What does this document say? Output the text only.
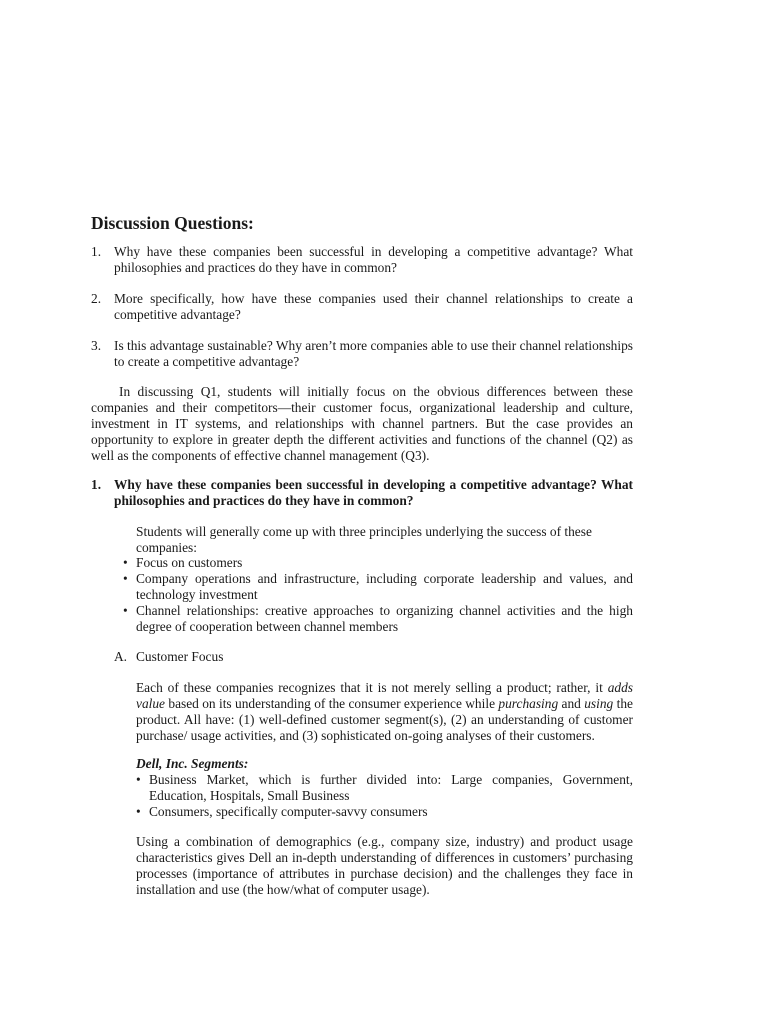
Discussion Questions:
1. Why have these companies been successful in developing a competitive advantage? What philosophies and practices do they have in common?
2. More specifically, how have these companies used their channel relationships to create a competitive advantage?
3. Is this advantage sustainable? Why aren’t more companies able to use their channel relationships to create a competitive advantage?

In discussing Q1, students will initially focus on the obvious differences between these companies and their competitors—their customer focus, organizational leadership and culture, investment in IT systems, and relationships with channel partners. But the case provides an opportunity to explore in greater depth the different activities and functions of the channel (Q2) as well as the components of effective channel management (Q3).

1. Why have these companies been successful in developing a competitive advantage? What philosophies and practices do they have in common?

Students will generally come up with three principles underlying the success of these companies:

• Focus on customers
• Company operations and infrastructure, including corporate leadership and values, and technology investment
• Channel relationships: creative approaches to organizing channel activities and the high degree of cooperation between channel members
A. Customer Focus

Each of these companies recognizes that it is not merely selling a product; rather, it adds value based on its understanding of the consumer experience while purchasing and using the product. All have: (1) well-defined customer segment(s), (2) an understanding of customer purchase/ usage activities, and (3) sophisticated on-going analyses of their customers.

Dell, Inc. Segments:

• Business Market, which is further divided into: Large companies, Government, Education, Hospitals, Small Business
• Consumers, specifically computer-savvy consumers

Using a combination of demographics (e.g., company size, industry) and product usage characteristics gives Dell an in-depth understanding of differences in customers’ purchasing processes (importance of attributes in purchase decision) and the challenges they face in installation and use (the how/what of computer usage).
